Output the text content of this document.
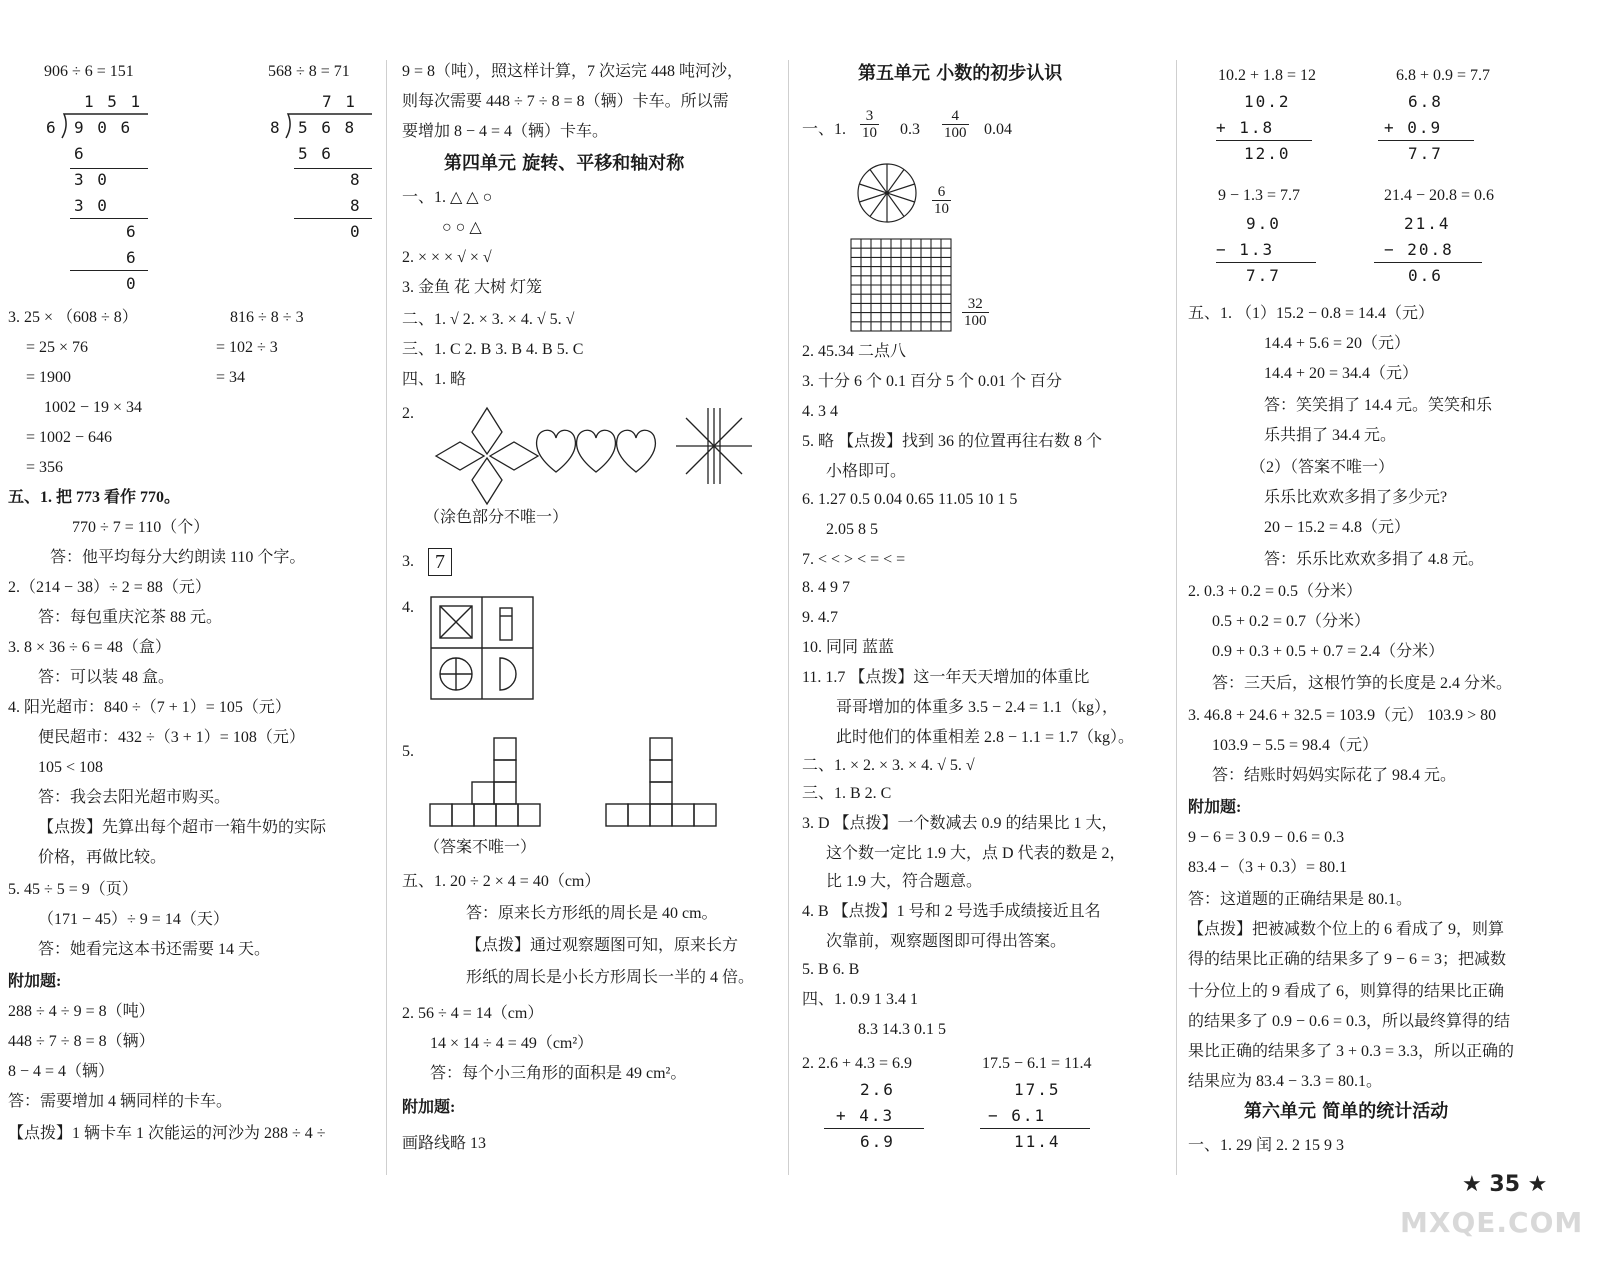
906 ÷ 6 = 151	568 ÷ 8 = 71
1 5 1
6 9 0 6
6
3 0
3 0
6
6
0
7 1
8 5 6 8
5 6
8
8
0
3. 25 × （608 ÷ 8）	816 ÷ 8 ÷ 3
= 25 × 76	= 102 ÷ 3
= 1900	= 34
1002 − 19 × 34
= 1002 − 646
= 356
五、1. 把 773 看作 770。
770 ÷ 7 = 110（个）
答：他平均每分大约朗读 110 个字。
2.（214 − 38）÷ 2 = 88（元）
答：每包重庆沱茶 88 元。
3. 8 × 36 ÷ 6 = 48（盒）
答：可以装 48 盒。
4. 阳光超市：840 ÷（7 + 1）= 105（元）
便民超市：432 ÷（3 + 1）= 108（元）
105 < 108
答：我会去阳光超市购买。
【点拨】先算出每个超市一箱牛奶的实际
价格，再做比较。
5. 45 ÷ 5 = 9（页）
（171 − 45）÷ 9 = 14（天）
答：她看完这本书还需要 14 天。
附加题:
288 ÷ 4 ÷ 9 = 8（吨）
448 ÷ 7 ÷ 8 = 8（辆）
8 − 4 = 4（辆）
答：需要增加 4 辆同样的卡车。
【点拨】1 辆卡车 1 次能运的河沙为 288 ÷ 4 ÷
9 = 8（吨），照这样计算，7 次运完 448 吨河沙，
则每次需要 448 ÷ 7 ÷ 8 = 8（辆）卡车。所以需
要增加 8 − 4 = 4（辆）卡车。
第四单元 旋转、平移和轴对称
一、1. △ △ ○
○ ○ △
2. × × × √ × √
3. 金鱼 花 大树 灯笼
二、1. √ 2. × 3. × 4. √ 5. √
三、1. C 2. B 3. B 4. B 5. C
四、1. 略
2.
（涂色部分不唯一）
3.	7
4.
5.
（答案不唯一）
五、1. 20 ÷ 2 × 4 = 40（cm）
答：原来长方形纸的周长是 40 cm。
【点拨】通过观察题图可知，原来长方
形纸的周长是小长方形周长一半的 4 倍。
2. 56 ÷ 4 = 14（cm）
14 × 14 ÷ 4 = 49（cm²）
答：每个小三角形的面积是 49 cm²。
附加题:
画路线略 13
第五单元 小数的初步认识
一、1. $\frac{3}{10} 0.3 \frac{4}{100} 0.04$
$\frac{6}{10}$
$\frac{32}{100}$
2. 45.34 二点八
3. 十分 6 个 0.1 百分 5 个 0.01 个 百分
4. 3 4
5. 略 【点拨】找到 36 的位置再往右数 8 个
小格即可。
6. 1.27 0.5 0.04 0.65 11.05 10 1 5
2.05 8 5
7. < < > < = < =
8. 4 9 7
9. 4.7
10. 同同 蓝蓝
11. 1.7 【点拨】这一年天天增加的体重比
哥哥增加的体重多 3.5 − 2.4 = 1.1（kg），
此时他们的体重相差 2.8 − 1.1 = 1.7（kg）。
二、1. × 2. × 3. × 4. √ 5. √
三、1. B 2. C
3. D 【点拨】一个数减去 0.9 的结果比 1 大，
这个数一定比 1.9 大，点 D 代表的数是 2，
比 1.9 大，符合题意。
4. B 【点拨】1 号和 2 号选手成绩接近且名
次靠前，观察题图即可得出答案。
5. B 6. B
四、1. 0.9 1 3.4 1
8.3 14.3 0.1 5
2. 2.6 + 4.3 = 6.9	17.5 − 6.1 = 11.4
2.6
+ 4.3
6.9
17.5
− 6.1
11.4
10.2 + 1.8 = 12	6.8 + 0.9 = 7.7
10.2
+ 1.8
12.0
6.8
+ 0.9
7.7
9 − 1.3 = 7.7	21.4 − 20.8 = 0.6
9.0
− 1.3
7.7
21.4
− 20.8
0.6
五、1. （1）15.2 − 0.8 = 14.4（元）
14.4 + 5.6 = 20（元）
14.4 + 20 = 34.4（元）
答：笑笑捐了 14.4 元。笑笑和乐
乐共捐了 34.4 元。
（2）（答案不唯一）
乐乐比欢欢多捐了多少元?
20 − 15.2 = 4.8（元）
答：乐乐比欢欢多捐了 4.8 元。
2. 0.3 + 0.2 = 0.5（分米）
0.5 + 0.2 = 0.7（分米）
0.9 + 0.3 + 0.5 + 0.7 = 2.4（分米）
答：三天后，这根竹笋的长度是 2.4 分米。
3. 46.8 + 24.6 + 32.5 = 103.9（元） 103.9 > 80
103.9 − 5.5 = 98.4（元）
答：结账时妈妈实际花了 98.4 元。
附加题:
9 − 6 = 3 0.9 − 0.6 = 0.3
83.4 −（3 + 0.3）= 80.1
答：这道题的正确结果是 80.1。
【点拨】把被减数个位上的 6 看成了 9，则算
得的结果比正确的结果多了 9 − 6 = 3；把减数
十分位上的 9 看成了 6，则算得的结果比正确
的结果多了 0.9 − 0.6 = 0.3，所以最终算得的结
果比正确的结果多了 3 + 0.3 = 3.3，所以正确的
结果应为 83.4 − 3.3 = 80.1。
第六单元 简单的统计活动
一、1. 29 闰 2. 2 15 9 3
★ 35 ★
MXQE.COM
